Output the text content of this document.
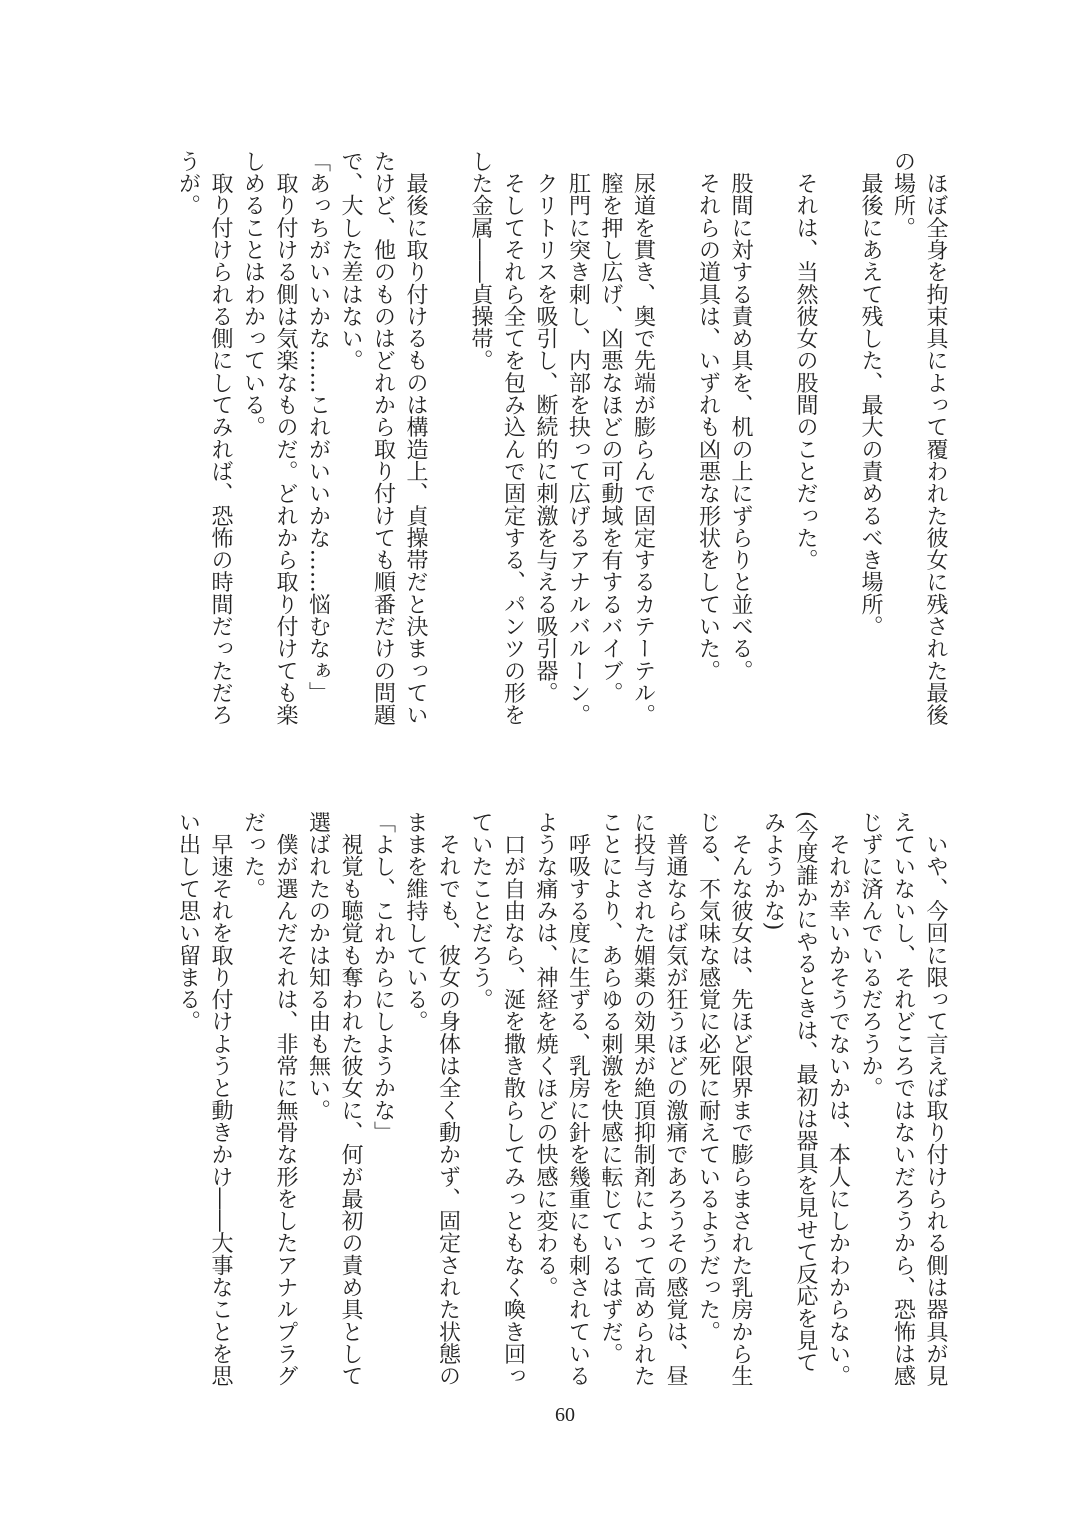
　ほぼ全身を拘束具によって覆われた彼女に残された最後
の場所。
　最後にあえて残した、最大の責めるべき場所。
　それは、当然彼女の股間のことだった。
　股間に対する責め具を、机の上にずらりと並べる。
　それらの道具は、いずれも凶悪な形状をしていた。
　尿道を貫き、奥で先端が膨らんで固定するカテーテル。
　膣を押し広げ、凶悪なほどの可動域を有するバイブ。
　肛門に突き刺し、内部を抉って広げるアナルバルーン。
　クリトリスを吸引し、断続的に刺激を与える吸引器。
　そしてそれら全てを包み込んで固定する、パンツの形を
した金属――貞操帯。
　最後に取り付けるものは構造上、貞操帯だと決まってい
たけど、他のものはどれから取り付けても順番だけの問題
で、大した差はない。
「あっちがいいかな……これがいいかな……悩むなぁ」
　取り付ける側は気楽なものだ。どれから取り付けても楽
しめることはわかっている。
　取り付けられる側にしてみれば、恐怖の時間だっただろ
うが。
　いや、今回に限って言えば取り付けられる側は器具が見
えていないし、それどころではないだろうから、恐怖は感
じずに済んでいるだろうか。
　それが幸いかそうでないかは、本人にしかわからない。
(今度誰かにやるときは、最初は器具を見せて反応を見て
みようかな)
　そんな彼女は、先ほど限界まで膨らまされた乳房から生
じる、不気味な感覚に必死に耐えているようだった。
　普通ならば気が狂うほどの激痛であろうその感覚は、昼
に投与された媚薬の効果が絶頂抑制剤によって高められた
ことにより、あらゆる刺激を快感に転じているはずだ。
　呼吸する度に生ずる、乳房に針を幾重にも刺されている
ような痛みは、神経を焼くほどの快感に変わる。
　口が自由なら、涎を撒き散らしてみっともなく喚き回っ
ていたことだろう。
　それでも、彼女の身体は全く動かず、固定された状態の
ままを維持している。
「よし、これからにしようかな」
　視覚も聴覚も奪われた彼女に、何が最初の責め具として
選ばれたのかは知る由も無い。
　僕が選んだそれは、非常に無骨な形をしたアナルプラグ
だった。
　早速それを取り付けようと動きかけ――大事なことを思
い出して思い留まる。
60
